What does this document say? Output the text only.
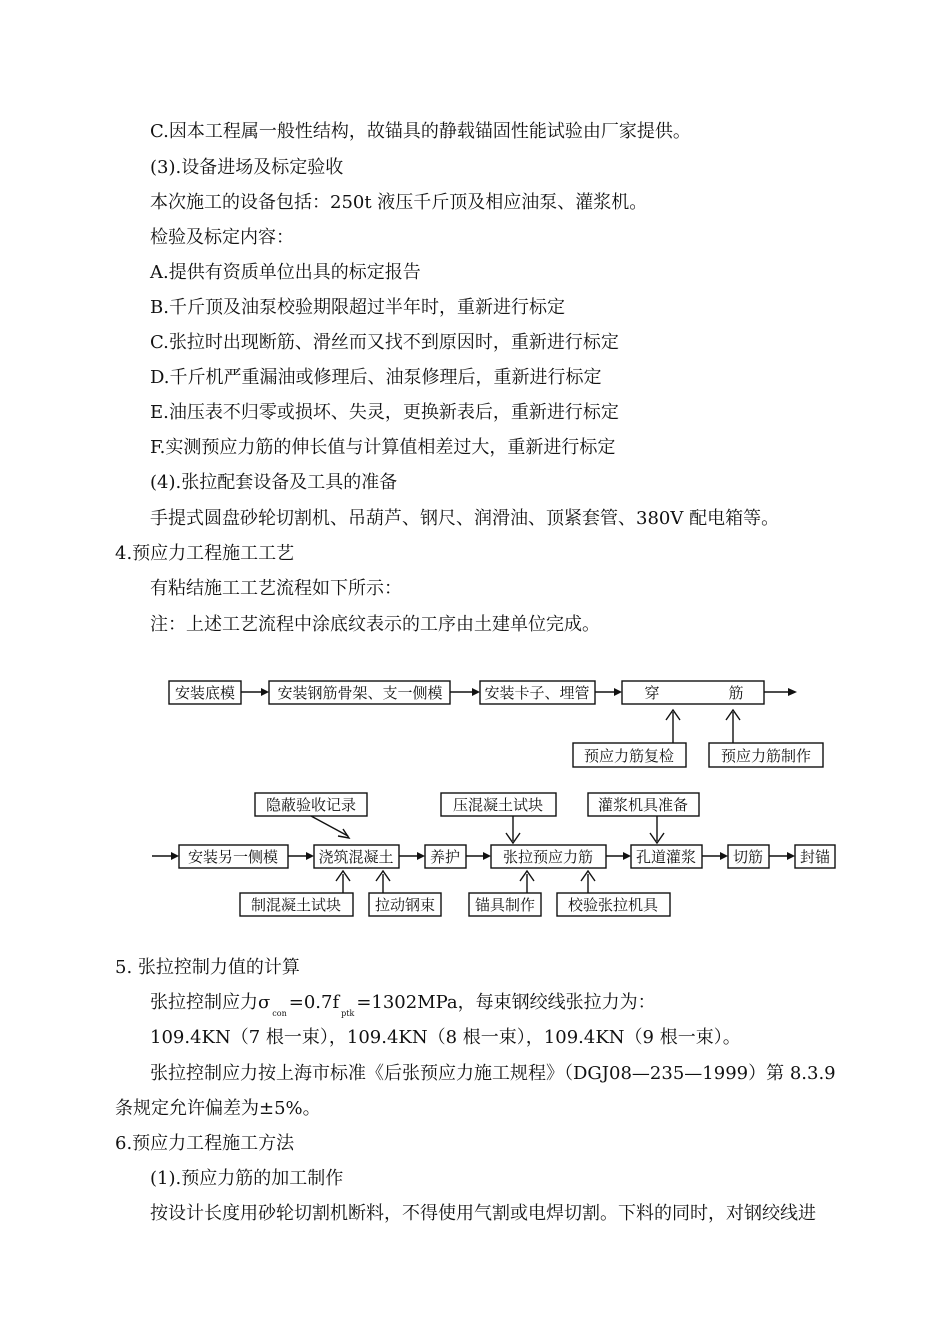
C.因本工程属一般性结构，故锚具的静载锚固性能试验由厂家提供。
(3).设备进场及标定验收
本次施工的设备包括：250t 液压千斤顶及相应油泵、灌浆机。
检验及标定内容：
A.提供有资质单位出具的标定报告
B.千斤顶及油泵校验期限超过半年时，重新进行标定
C.张拉时出现断筋、滑丝而又找不到原因时，重新进行标定
D.千斤机严重漏油或修理后、油泵修理后，重新进行标定
E.油压表不归零或损坏、失灵，更换新表后，重新进行标定
F.实测预应力筋的伸长值与计算值相差过大，重新进行标定
(4).张拉配套设备及工具的准备
手提式圆盘砂轮切割机、吊葫芦、钢尺、润滑油、顶紧套管、380V 配电箱等。
4.预应力工程施工工艺
有粘结施工工艺流程如下所示：
注：上述工艺流程中涂底纹表示的工序由土建单位完成。
安装底模	安装钢筋骨架、支一侧模	安装卡子、埋管	穿	筋
预应力筋复检	预应力筋制作
隐蔽验收记录	压混凝土试块	灌浆机具准备
安装另一侧模	浇筑混凝土 养护	张拉预应力筋	孔道灌浆 切筋 封锚
制混凝土试块 拉动钢束	锚具制作 校验张拉机具
5. 张拉控制力值的计算
张拉控制应力$\sigma_{con}=0.7f_{ptk}=1302MPa$，每束钢绞线张拉力为：
109.4KN（7 根一束），109.4KN（8 根一束），109.4KN（9 根一束）。
张拉控制应力按上海市标准《后张预应力施工规程》（DGJ08—235—1999）第 8.3.9
条规定允许偏差为±5%。
6.预应力工程施工方法
(1).预应力筋的加工制作
按设计长度用砂轮切割机断料，不得使用气割或电焊切割。下料的同时，对钢绞线进
